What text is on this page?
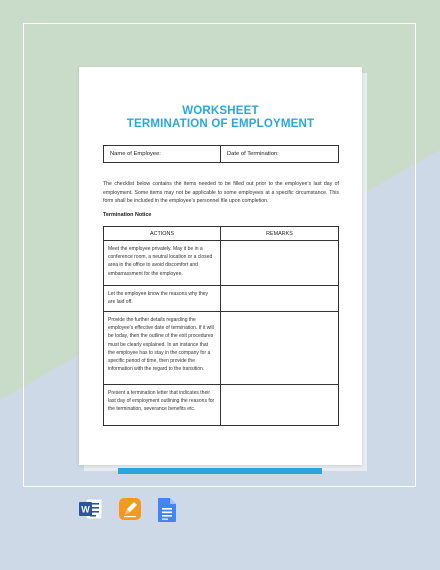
WORKSHEET
TERMINATION OF EMPLOYMENT
Name of Employee:	Date of Termination:
The checklist below contains the items needed to be filled out prior to the employee’s last day of employment. Some items may not be applicable to some employees at a specific circumstance. This form shall be included in the employee’s personnel file upon completion.
Termination Notice
ACTIONS	REMARKS
Meet the employee privately. May it be in a conference room, a neutral location or a closed area in the office to avoid discomfort and embarrassment for the employee.
Let the employee know the reasons why they are laid off.
Provide the further details regarding the employee’s effective date of termination. If it will be today, then the outline of the exit procedures must be clearly explained. In an instance that the employee has to stay in the company for a specific period of time, then provide the information with the regard to the transition.
Present a termination letter that indicates their last day of employment outlining the reasons for the termination, severance benefits etc.
W
